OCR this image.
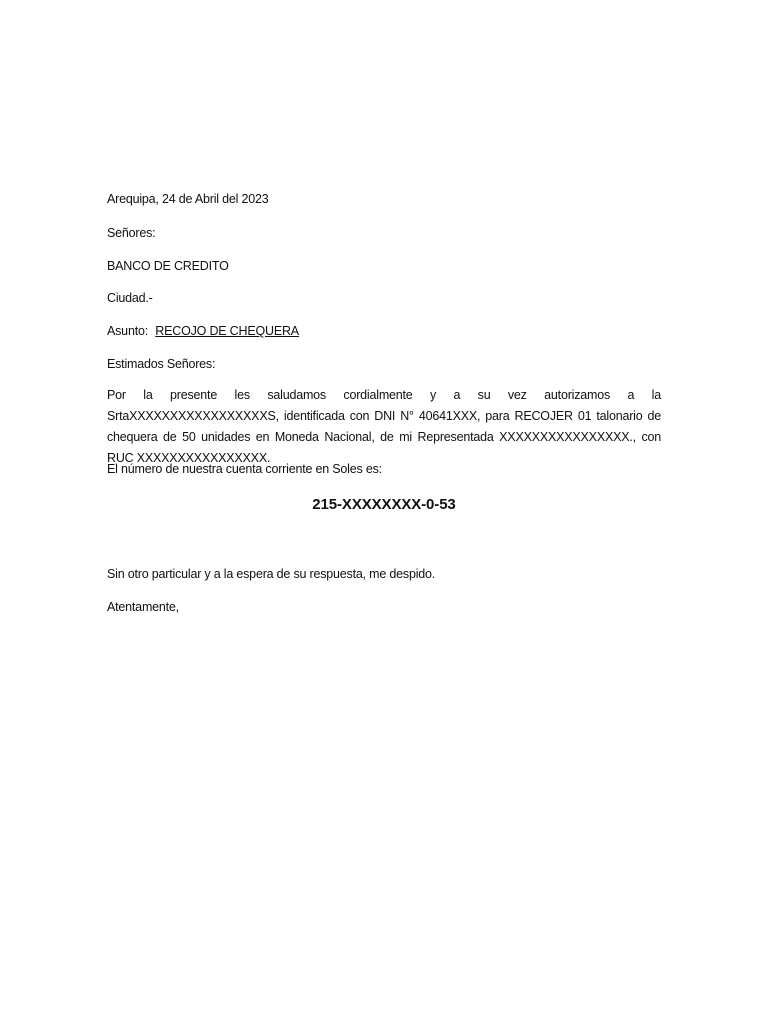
Arequipa, 24 de Abril del 2023
Señores:
BANCO DE CREDITO
Ciudad.-
Asunto: RECOJO DE CHEQUERA
Estimados Señores:
Por la presente les saludamos cordialmente y a su vez autorizamos a la SrtaXXXXXXXXXXXXXXXXXS, identificada con DNI N° 40641XXX, para RECOJER 01 talonario de chequera de 50 unidades en Moneda Nacional, de mi Representada XXXXXXXXXXXXXXXX., con RUC XXXXXXXXXXXXXXXX.
El número de nuestra cuenta corriente en Soles es:
215-XXXXXXXX-0-53
Sin otro particular y a la espera de su respuesta, me despido.
Atentamente,
